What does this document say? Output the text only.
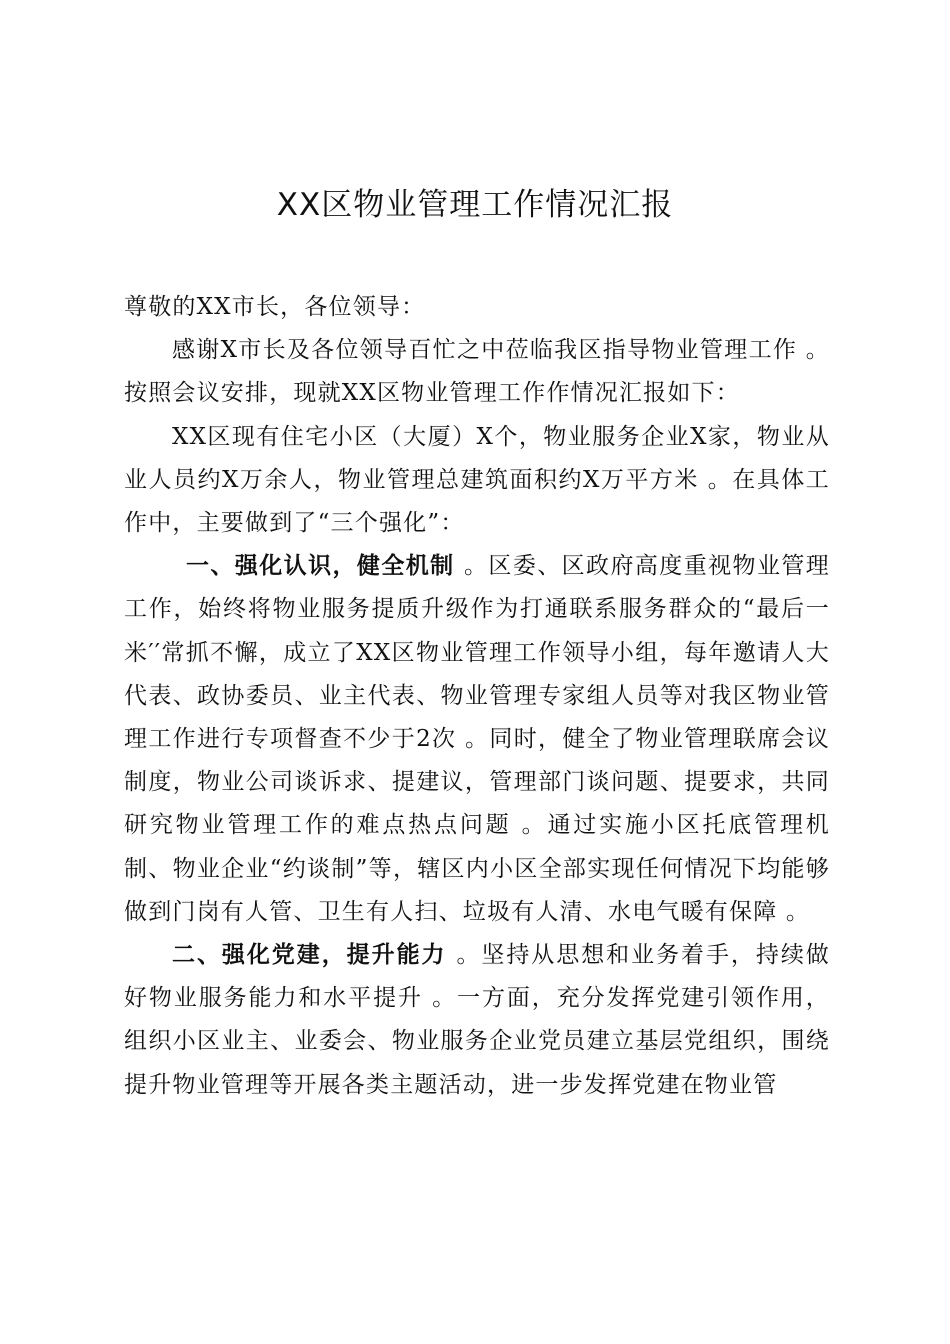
XX区物业管理工作情况汇报

尊敬的XX市长，各位领导：

感谢X市长及各位领导百忙之中莅临我区指导物业管理工作 。按照会议安排，现就XX区物业管理工作作情况汇报如下：

XX区现有住宅小区（大厦）X个，物业服务企业X家，物业从业人员约X万余人，物业管理总建筑面积约X万平方米 。在具体工作中，主要做到了“三个强化”：

一、强化认识，健全机制 。区委、区政府高度重视物业管理工作，始终将物业服务提质升级作为打通联系服务群众的“最后一米′′常抓不懈，成立了XX区物业管理工作领导小组，每年邀请人大代表、政协委员、业主代表、物业管理专家组人员等对我区物业管理工作进行专项督查不少于2次 。同时，健全了物业管理联席会议制度，物业公司谈诉求、提建议，管理部门谈问题、提要求，共同研究物业管理工作的难点热点问题 。通过实施小区托底管理机制、物业企业“约谈制”等，辖区内小区全部实现任何情况下均能够做到门岗有人管、卫生有人扫、垃圾有人清、水电气暖有保障 。

二、强化党建，提升能力 。坚持从思想和业务着手，持续做好物业服务能力和水平提升 。一方面，充分发挥党建引领作用，组织小区业主、业委会、物业服务企业党员建立基层党组织，围绕提升物业管理等开展各类主题活动，进一步发挥党建在物业管
